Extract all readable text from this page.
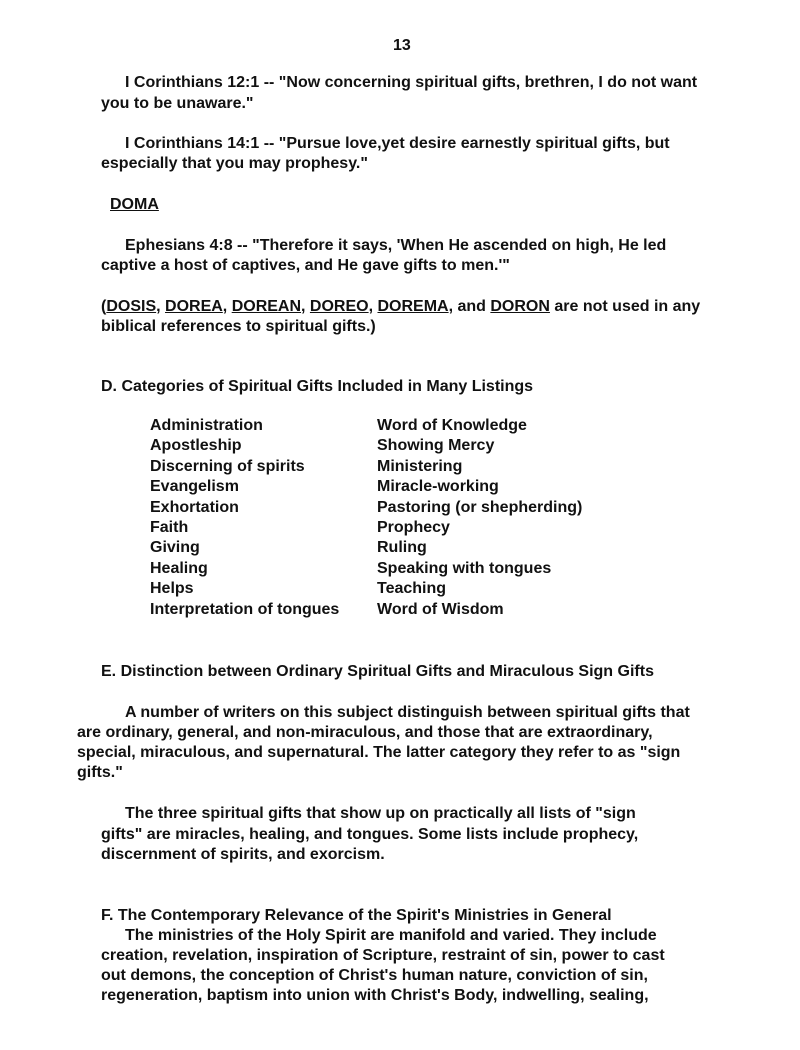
13
I Corinthians 12:1 -- "Now concerning spiritual gifts, brethren, I do not want
you to be unaware."
I Corinthians 14:1 -- "Pursue love,yet desire earnestly spiritual gifts, but
especially that you may prophesy."
DOMA
Ephesians 4:8 -- "Therefore it says, 'When He ascended on high, He led
captive a host of captives, and He gave gifts to men.'"
(DOSIS, DOREA, DOREAN, DOREO, DOREMA, and DORON are not used in any
biblical references to spiritual gifts.)
D. Categories of Spiritual Gifts Included in Many Listings
Administration
Apostleship
Discerning of spirits
Evangelism
Exhortation
Faith
Giving
Healing
Helps
Interpretation of tongues
Word of Knowledge
Showing Mercy
Ministering
Miracle-working
Pastoring (or shepherding)
Prophecy
Ruling
Speaking with tongues
Teaching
Word of Wisdom
E. Distinction between Ordinary Spiritual Gifts and Miraculous Sign Gifts
A number of writers on this subject distinguish between spiritual gifts that
are ordinary, general, and non-miraculous, and those that are extraordinary,
special, miraculous, and supernatural. The latter category they refer to as "sign
gifts."
The three spiritual gifts that show up on practically all lists of "sign
gifts" are miracles, healing, and tongues. Some lists include prophecy,
discernment of spirits, and exorcism.
F. The Contemporary Relevance of the Spirit's Ministries in General
The ministries of the Holy Spirit are manifold and varied. They include
creation, revelation, inspiration of Scripture, restraint of sin, power to cast
out demons, the conception of Christ's human nature, conviction of sin,
regeneration, baptism into union with Christ's Body, indwelling, sealing,
